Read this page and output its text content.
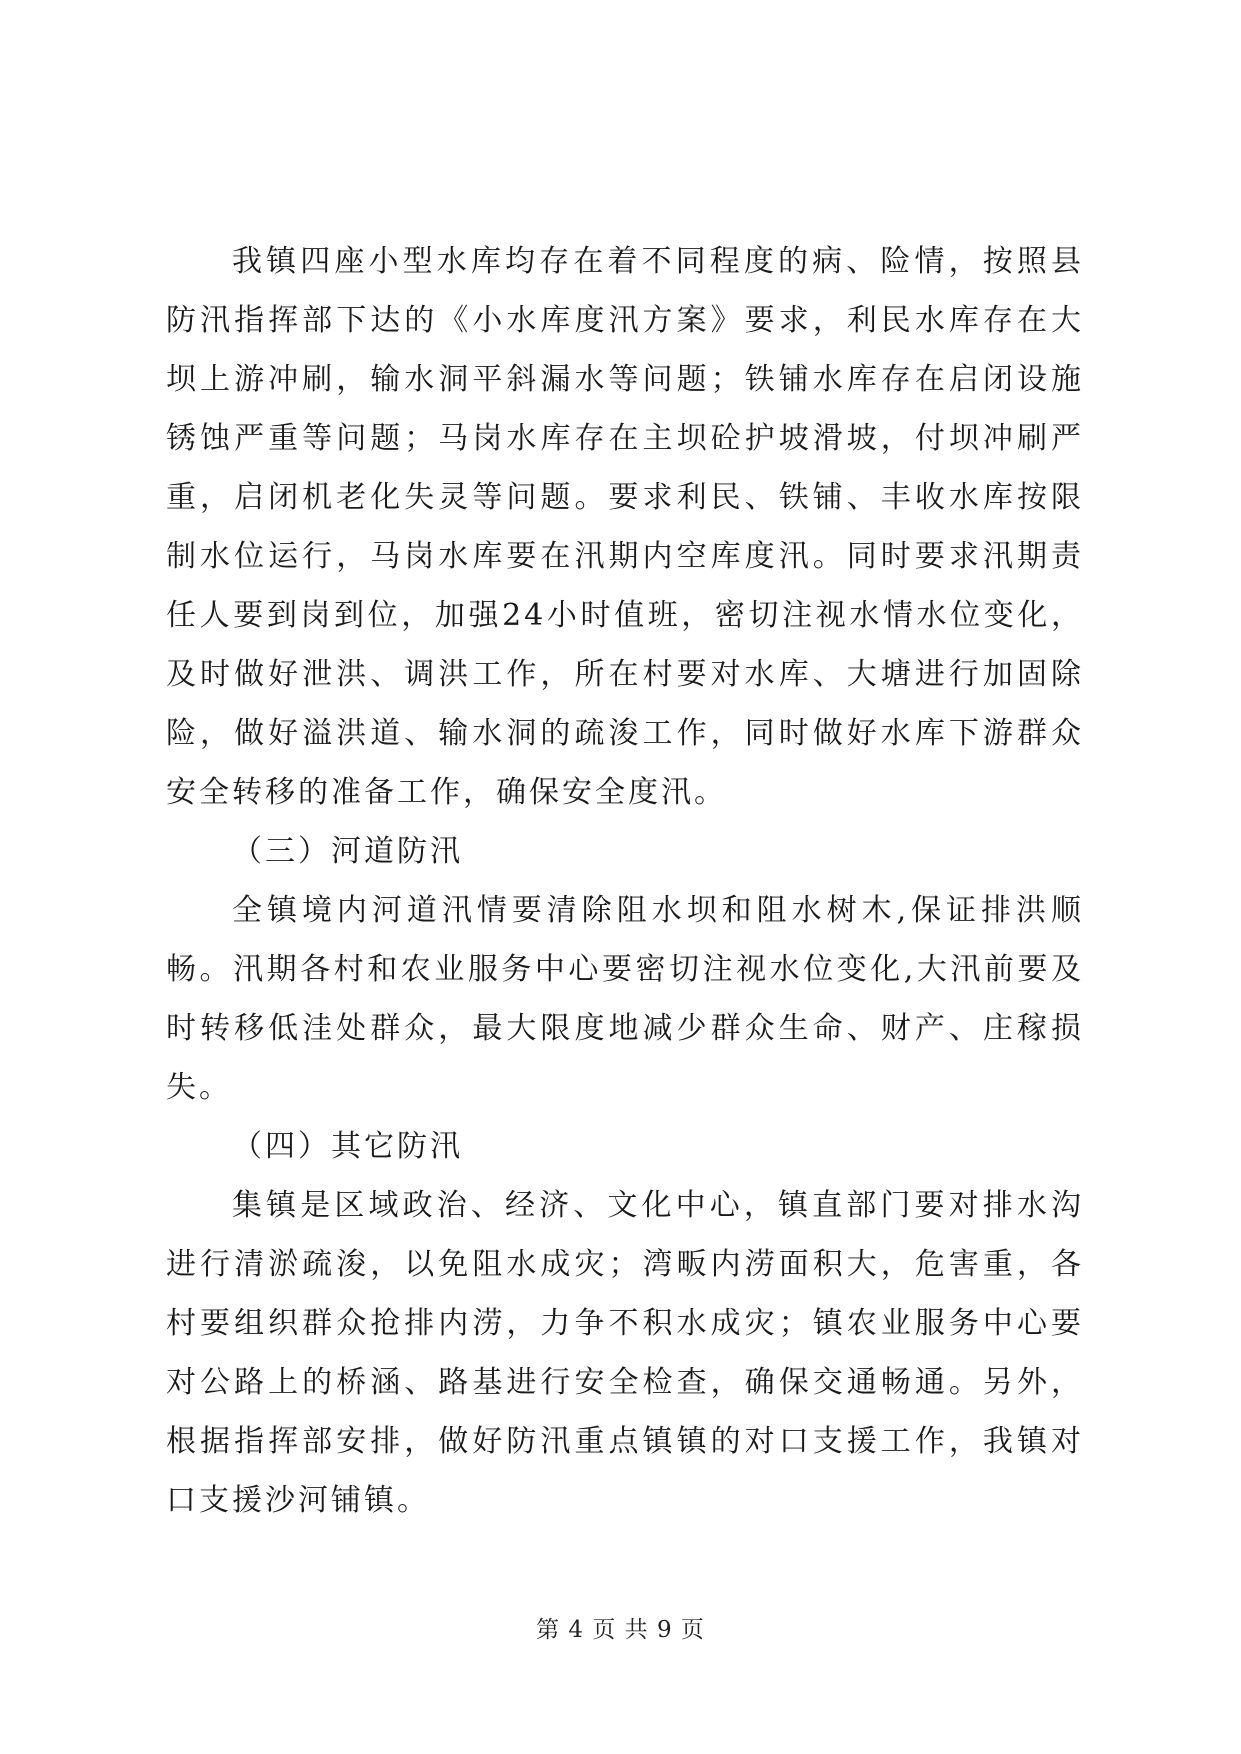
我镇四座小型水库均存在着不同程度的病、险情，按照县防汛指挥部下达的《小水库度汛方案》要求，利民水库存在大坝上游冲刷，输水洞平斜漏水等问题；铁铺水库存在启闭设施锈蚀严重等问题；马岗水库存在主坝砼护坡滑坡，付坝冲刷严重，启闭机老化失灵等问题。要求利民、铁铺、丰收水库按限制水位运行，马岗水库要在汛期内空库度汛。同时要求汛期责任人要到岗到位，加强24小时值班，密切注视水情水位变化，及时做好泄洪、调洪工作，所在村要对水库、大塘进行加固除险，做好溢洪道、输水洞的疏浚工作，同时做好水库下游群众安全转移的准备工作，确保安全度汛。

（三）河道防汛

全镇境内河道汛情要清除阻水坝和阻水树木,保证排洪顺畅。汛期各村和农业服务中心要密切注视水位变化,大汛前要及时转移低洼处群众，最大限度地减少群众生命、财产、庄稼损失。

（四）其它防汛

集镇是区域政治、经济、文化中心，镇直部门要对排水沟进行清淤疏浚，以免阻水成灾；湾畈内涝面积大，危害重，各村要组织群众抢排内涝，力争不积水成灾；镇农业服务中心要对公路上的桥涵、路基进行安全检查，确保交通畅通。另外，根据指挥部安排，做好防汛重点镇镇的对口支援工作，我镇对口支援沙河铺镇。

第 4 页 共 9 页
